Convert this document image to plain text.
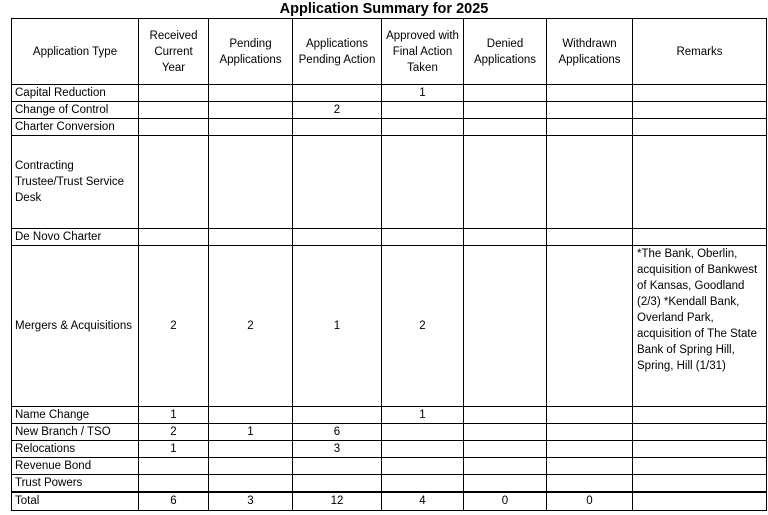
Application Summary for 2025
Application Type	Received Current Year	Pending Applications	Applications Pending Action	Approved with Final Action Taken	Denied Applications	Withdrawn Applications	Remarks
Capital Reduction				1			
Change of Control			2				
Charter Conversion							
Contracting Trustee/Trust Service Desk							
De Novo Charter							
Mergers & Acquisitions	2	2	1	2			*The Bank, Oberlin, acquisition of Bankwest of Kansas, Goodland (2/3) *Kendall Bank, Overland Park, acquisition of The State Bank of Spring Hill, Spring, Hill (1/31)
Name Change	1			1			
New Branch / TSO	2	1	6				
Relocations	1		3				
Revenue Bond							
Trust Powers							
Total	6	3	12	4	0	0	
